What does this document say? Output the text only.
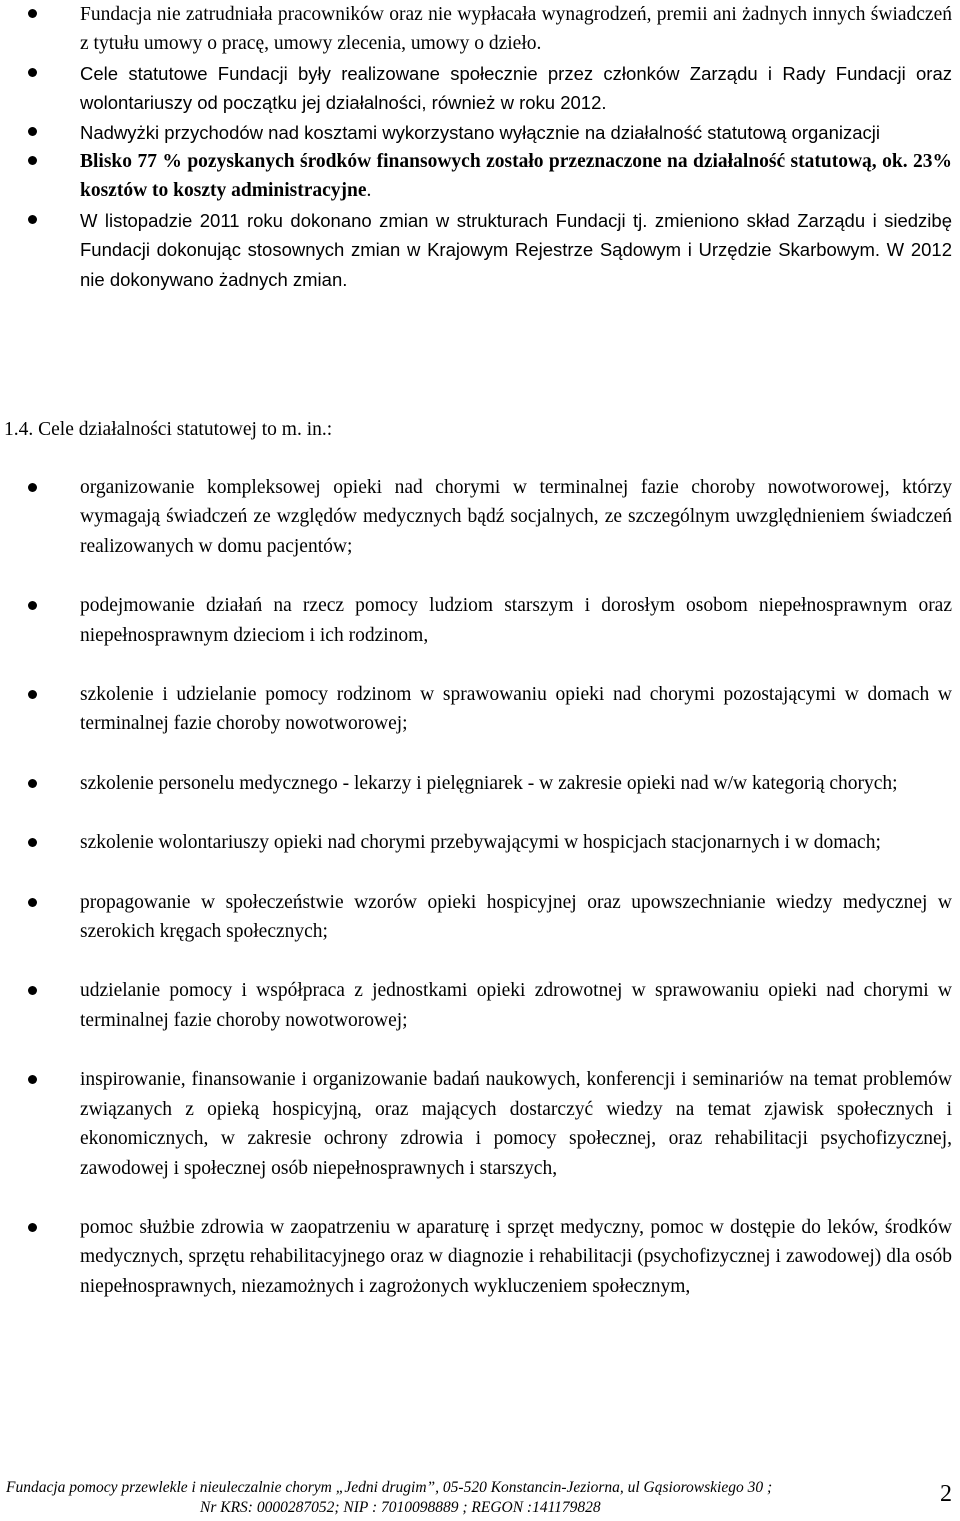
Fundacja nie zatrudniała pracowników oraz nie wypłacała wynagrodzeń, premii ani żadnych innych świadczeń z tytułu umowy o pracę, umowy zlecenia, umowy o dzieło.
Cele statutowe Fundacji były realizowane społecznie przez członków Zarządu i Rady Fundacji oraz wolontariuszy od początku jej działalności, również w roku 2012.
Nadwyżki przychodów nad kosztami wykorzystano wyłącznie na działalność statutową organizacji
Blisko 77 % pozyskanych środków finansowych zostało przeznaczone na działalność statutową, ok. 23% kosztów to koszty administracyjne.
W listopadzie 2011 roku dokonano zmian w strukturach Fundacji tj. zmieniono skład Zarządu i siedzibę Fundacji dokonując stosownych zmian w Krajowym Rejestrze Sądowym i Urzędzie Skarbowym. W 2012 nie dokonywano żadnych zmian.
1.4. Cele działalności statutowej to m. in.:
organizowanie kompleksowej opieki nad chorymi w terminalnej fazie choroby nowotworowej, którzy wymagają świadczeń ze względów medycznych bądź socjalnych, ze szczególnym uwzględnieniem świadczeń realizowanych w domu pacjentów;
podejmowanie działań na rzecz pomocy ludziom starszym i dorosłym osobom niepełnosprawnym oraz niepełnosprawnym dzieciom i ich rodzinom,
szkolenie i udzielanie pomocy rodzinom w sprawowaniu opieki nad chorymi pozostającymi w domach w terminalnej fazie choroby nowotworowej;
szkolenie personelu medycznego - lekarzy i pielęgniarek - w zakresie opieki nad w/w kategorią chorych;
szkolenie wolontariuszy opieki nad chorymi przebywającymi w hospicjach stacjonarnych i w domach;
propagowanie w społeczeństwie wzorów opieki hospicyjnej oraz upowszechnianie wiedzy medycznej w szerokich kręgach społecznych;
udzielanie pomocy i współpraca z jednostkami opieki zdrowotnej w sprawowaniu opieki nad chorymi w terminalnej fazie choroby nowotworowej;
inspirowanie, finansowanie i organizowanie badań naukowych, konferencji i seminariów na temat problemów związanych z opieką hospicyjną, oraz mających dostarczyć wiedzy na temat zjawisk społecznych i ekonomicznych, w zakresie ochrony zdrowia i pomocy społecznej, oraz rehabilitacji psychofizycznej, zawodowej i społecznej osób niepełnosprawnych i starszych,
pomoc służbie zdrowia w zaopatrzeniu w aparaturę i sprzęt medyczny, pomoc w dostępie do leków, środków medycznych, sprzętu rehabilitacyjnego oraz w diagnozie i rehabilitacji (psychofizycznej i zawodowej) dla osób niepełnosprawnych, niezamożnych i zagrożonych wykluczeniem społecznym,
Fundacja pomocy przewlekle i nieuleczalnie chorym „Jedni drugim”, 05-520 Konstancin-Jeziorna, ul Gąsiorowskiego 30 ;
Nr KRS: 0000287052; NIP : 7010098889 ; REGON :141179828
2
